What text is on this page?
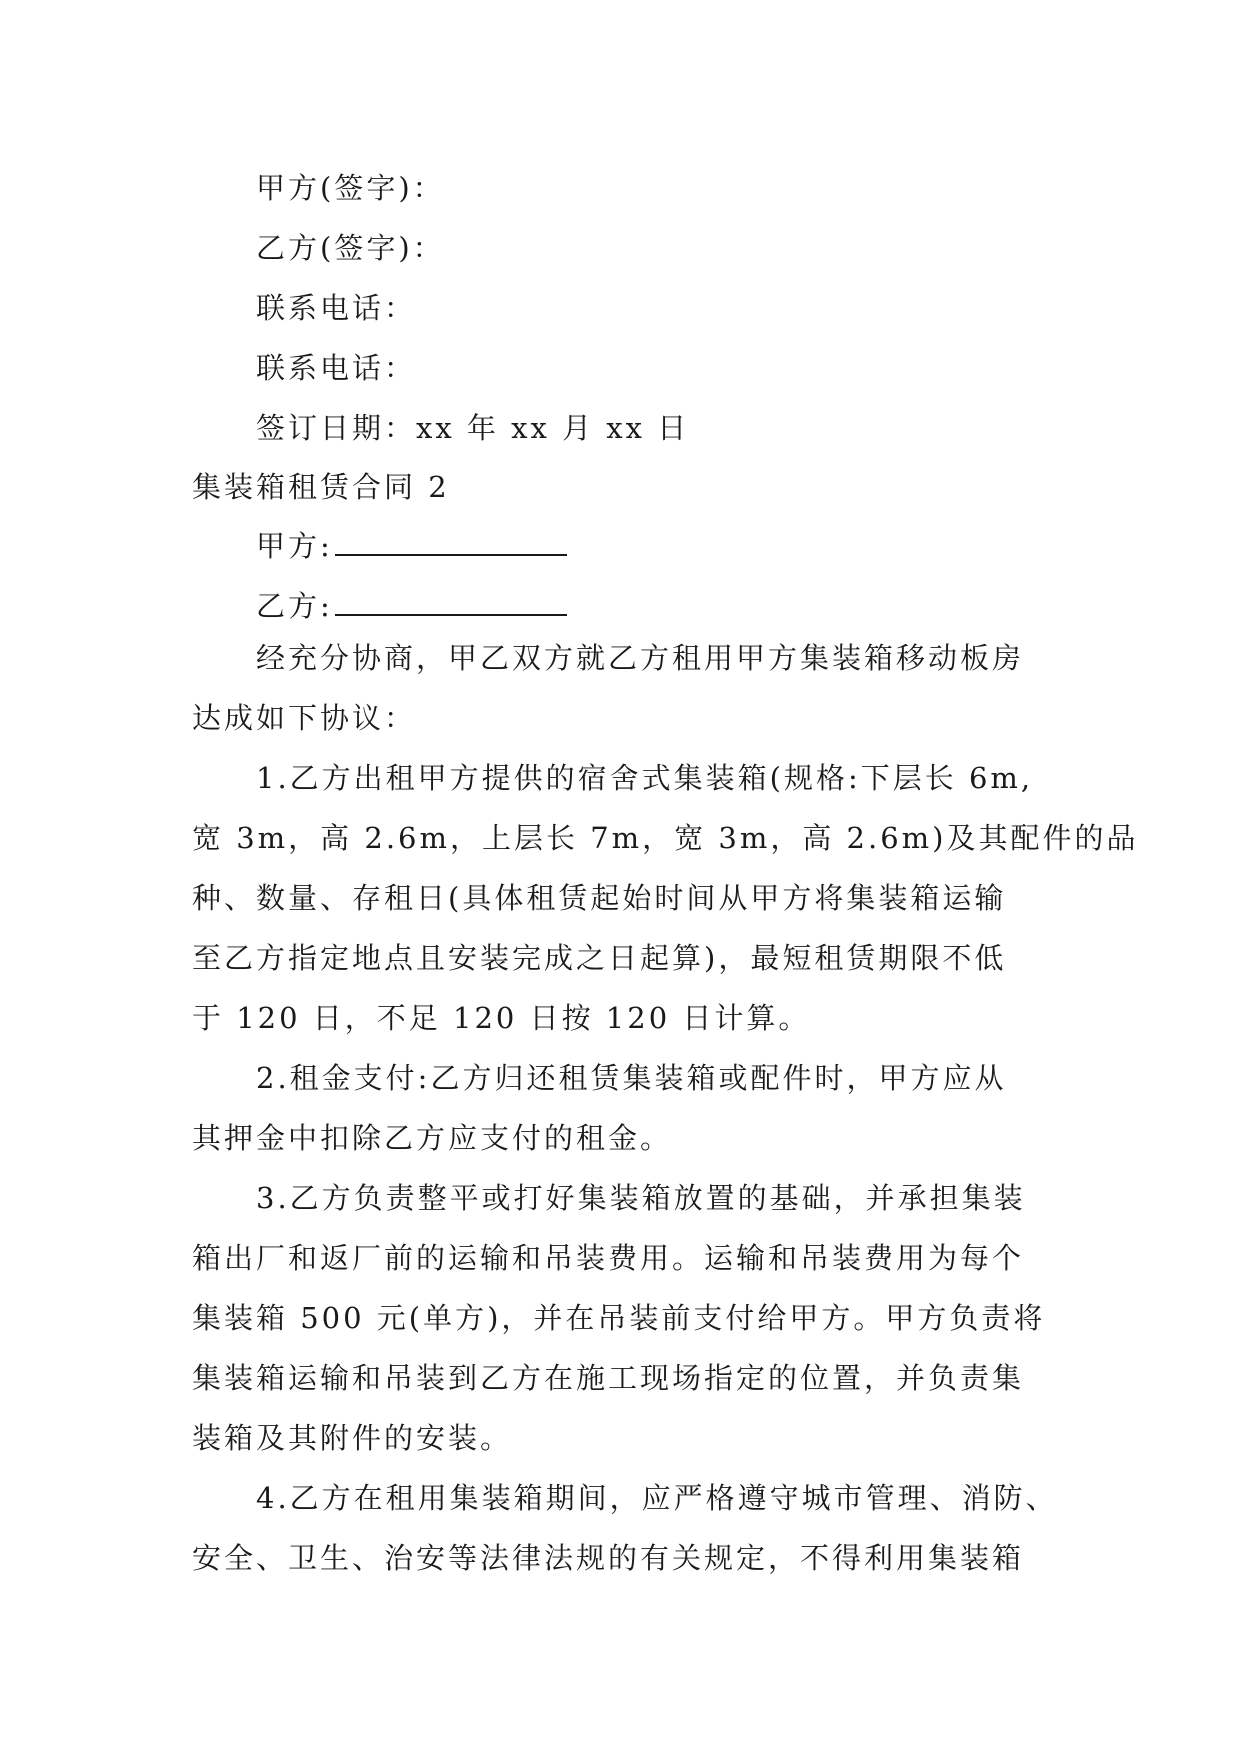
甲方(签字)：
乙方(签字)：
联系电话：
联系电话：
签订日期：xx 年 xx 月 xx 日
集装箱租赁合同 2
甲方:
乙方:
经充分协商，甲乙双方就乙方租用甲方集装箱移动板房
达成如下协议：
1.乙方出租甲方提供的宿舍式集装箱(规格:下层长 6m,
宽 3m，高 2.6m，上层长 7m，宽 3m，高 2.6m)及其配件的品
种、数量、存租日(具体租赁起始时间从甲方将集装箱运输
至乙方指定地点且安装完成之日起算)，最短租赁期限不低
于 120 日，不足 120 日按 120 日计算。
2.租金支付:乙方归还租赁集装箱或配件时，甲方应从
其押金中扣除乙方应支付的租金。
3.乙方负责整平或打好集装箱放置的基础，并承担集装
箱出厂和返厂前的运输和吊装费用。运输和吊装费用为每个
集装箱 500 元(单方)，并在吊装前支付给甲方。甲方负责将
集装箱运输和吊装到乙方在施工现场指定的位置，并负责集
装箱及其附件的安装。
4.乙方在租用集装箱期间，应严格遵守城市管理、消防、
安全、卫生、治安等法律法规的有关规定，不得利用集装箱
